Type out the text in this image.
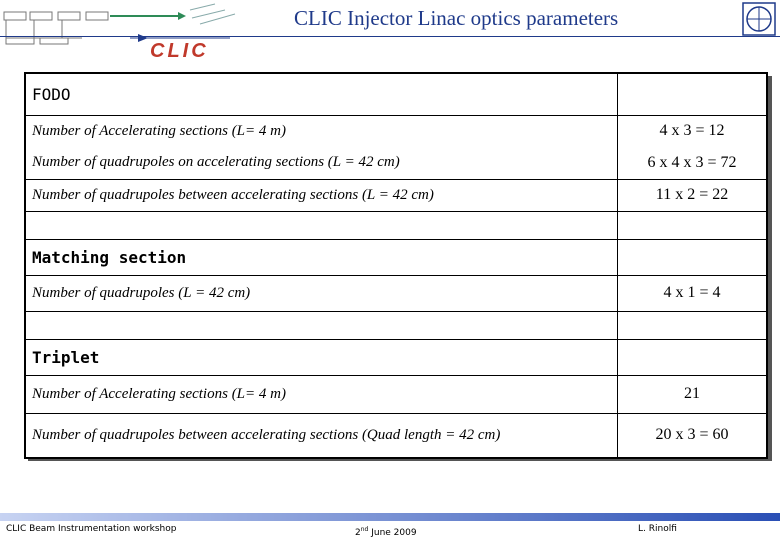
CLIC
CLIC Injector Linac optics parameters
FODO	
Number of Accelerating sections (L= 4 m)	4 x 3 = 12
Number of quadrupoles on accelerating sections (L = 42 cm)	6 x 4 x 3 = 72
Number of quadrupoles between accelerating sections (L = 42 cm)	11 x 2 = 22

Matching section	
Number of quadrupoles (L = 42 cm)	4 x 1 = 4

Triplet	
Number of Accelerating sections (L= 4 m)	21
Number of quadrupoles between accelerating sections (Quad length = 42 cm)	20 x 3 = 60
CLIC Beam Instrumentation workshop	2nd June 2009	L. Rinolfi
